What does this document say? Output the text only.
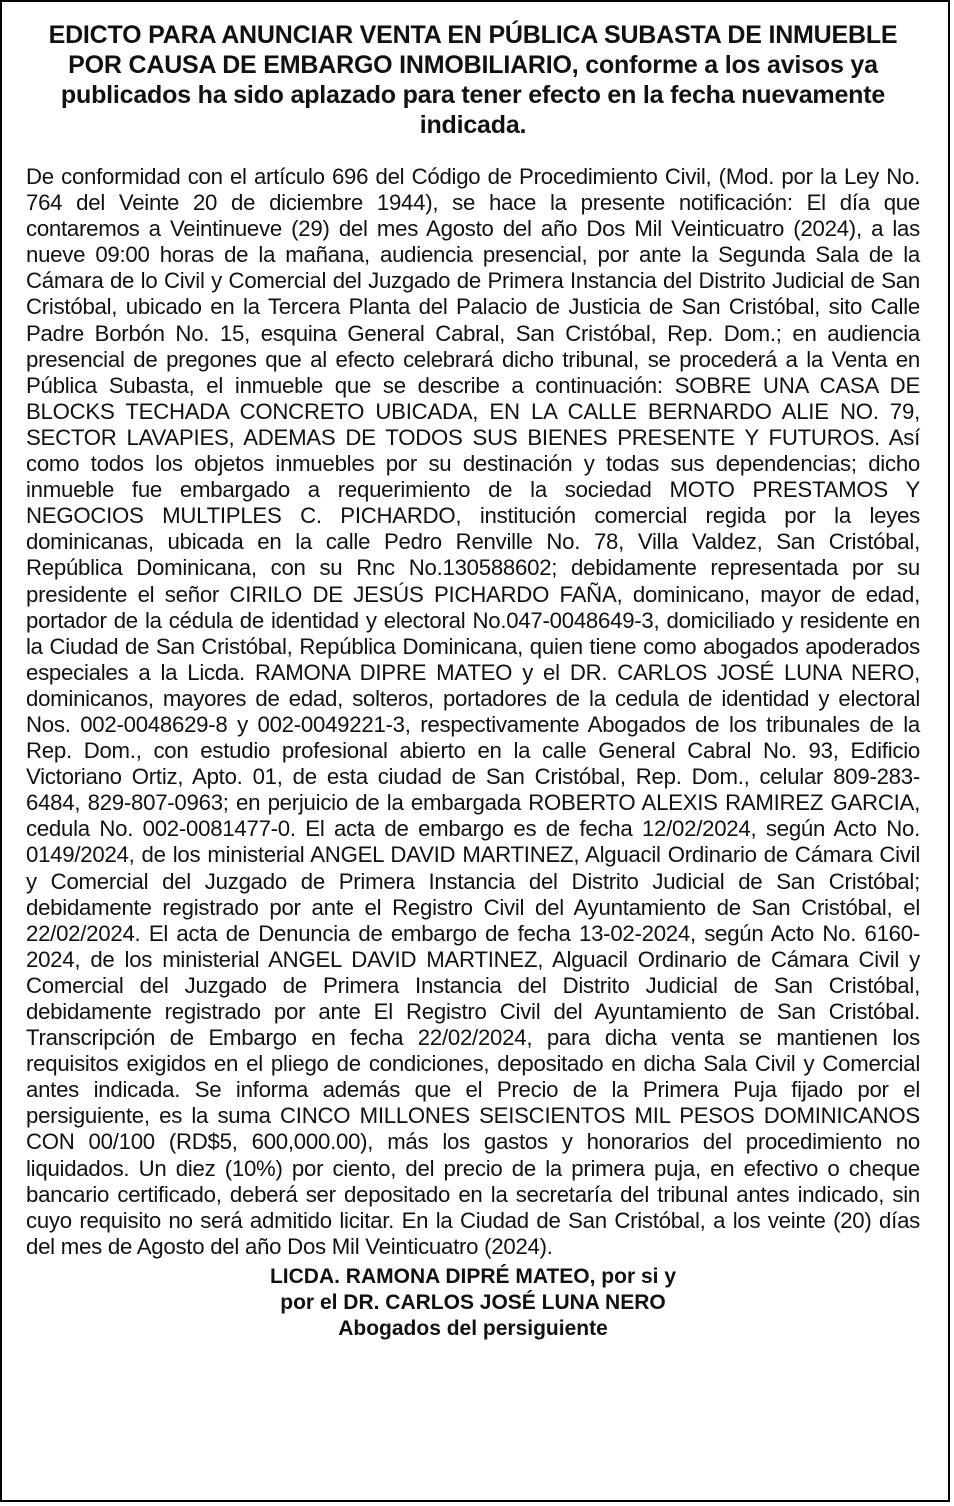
EDICTO PARA ANUNCIAR VENTA EN PÚBLICA SUBASTA DE INMUEBLE POR CAUSA DE EMBARGO INMOBILIARIO, conforme a los avisos ya publicados ha sido aplazado para tener efecto en la fecha nuevamente indicada.

De conformidad con el artículo 696 del Código de Procedimiento Civil, (Mod. por la Ley No. 764 del Veinte 20 de diciembre 1944), se hace la presente notificación: El día que contaremos a Veintinueve (29) del mes Agosto del año Dos Mil Veinticuatro (2024), a las nueve 09:00 horas de la mañana, audiencia presencial, por ante la Segunda Sala de la Cámara de lo Civil y Comercial del Juzgado de Primera Instancia del Distrito Judicial de San Cristóbal, ubicado en la Tercera Planta del Palacio de Justicia de San Cristóbal, sito Calle Padre Borbón No. 15, esquina General Cabral, San Cristóbal, Rep. Dom.; en audiencia presencial de pregones que al efecto celebrará dicho tribunal, se procederá a la Venta en Pública Subasta, el inmueble que se describe a continuación: SOBRE UNA CASA DE BLOCKS TECHADA CONCRETO UBICADA, EN LA CALLE BERNARDO ALIE NO. 79, SECTOR LAVAPIES, ADEMAS DE TODOS SUS BIENES PRESENTE Y FUTUROS. Así como todos los objetos inmuebles por su destinación y todas sus dependencias; dicho inmueble fue embargado a requerimiento de la sociedad MOTO PRESTAMOS Y NEGOCIOS MULTIPLES C. PICHARDO, institución comercial regida por la leyes dominicanas, ubicada en la calle Pedro Renville No. 78, Villa Valdez, San Cristóbal, República Dominicana, con su Rnc No.130588602; debidamente representada por su presidente el señor CIRILO DE JESÚS PICHARDO FAÑA, dominicano, mayor de edad, portador de la cédula de identidad y electoral No.047-0048649-3, domiciliado y residente en la Ciudad de San Cristóbal, República Dominicana, quien tiene como abogados apoderados especiales a la Licda. RAMONA DIPRE MATEO y el DR. CARLOS JOSÉ LUNA NERO, dominicanos, mayores de edad, solteros, portadores de la cedula de identidad y electoral Nos. 002-0048629-8 y 002-0049221-3, respectivamente Abogados de los tribunales de la Rep. Dom., con estudio profesional abierto en la calle General Cabral No. 93, Edificio Victoriano Ortiz, Apto. 01, de esta ciudad de San Cristóbal, Rep. Dom., celular 809-283-6484, 829-807-0963; en perjuicio de la embargada ROBERTO ALEXIS RAMIREZ GARCIA, cedula No. 002-0081477-0. El acta de embargo es de fecha 12/02/2024, según Acto No. 0149/2024, de los ministerial ANGEL DAVID MARTINEZ, Alguacil Ordinario de Cámara Civil y Comercial del Juzgado de Primera Instancia del Distrito Judicial de San Cristóbal; debidamente registrado por ante el Registro Civil del Ayuntamiento de San Cristóbal, el 22/02/2024. El acta de Denuncia de embargo de fecha 13-02-2024, según Acto No. 6160-2024, de los ministerial ANGEL DAVID MARTINEZ, Alguacil Ordinario de Cámara Civil y Comercial del Juzgado de Primera Instancia del Distrito Judicial de San Cristóbal, debidamente registrado por ante El Registro Civil del Ayuntamiento de San Cristóbal. Transcripción de Embargo en fecha 22/02/2024, para dicha venta se mantienen los requisitos exigidos en el pliego de condiciones, depositado en dicha Sala Civil y Comercial antes indicada. Se informa además que el Precio de la Primera Puja fijado por el persiguiente, es la suma CINCO MILLONES SEISCIENTOS MIL PESOS DOMINICANOS CON 00/100 (RD$5, 600,000.00), más los gastos y honorarios del procedimiento no liquidados. Un diez (10%) por ciento, del precio de la primera puja, en efectivo o cheque bancario certificado, deberá ser depositado en la secretaría del tribunal antes indicado, sin cuyo requisito no será admitido licitar. En la Ciudad de San Cristóbal, a los veinte (20) días del mes de Agosto del año Dos Mil Veinticuatro (2024).

LICDA. RAMONA DIPRÉ MATEO, por si y
por el DR. CARLOS JOSÉ LUNA NERO
Abogados del persiguiente
